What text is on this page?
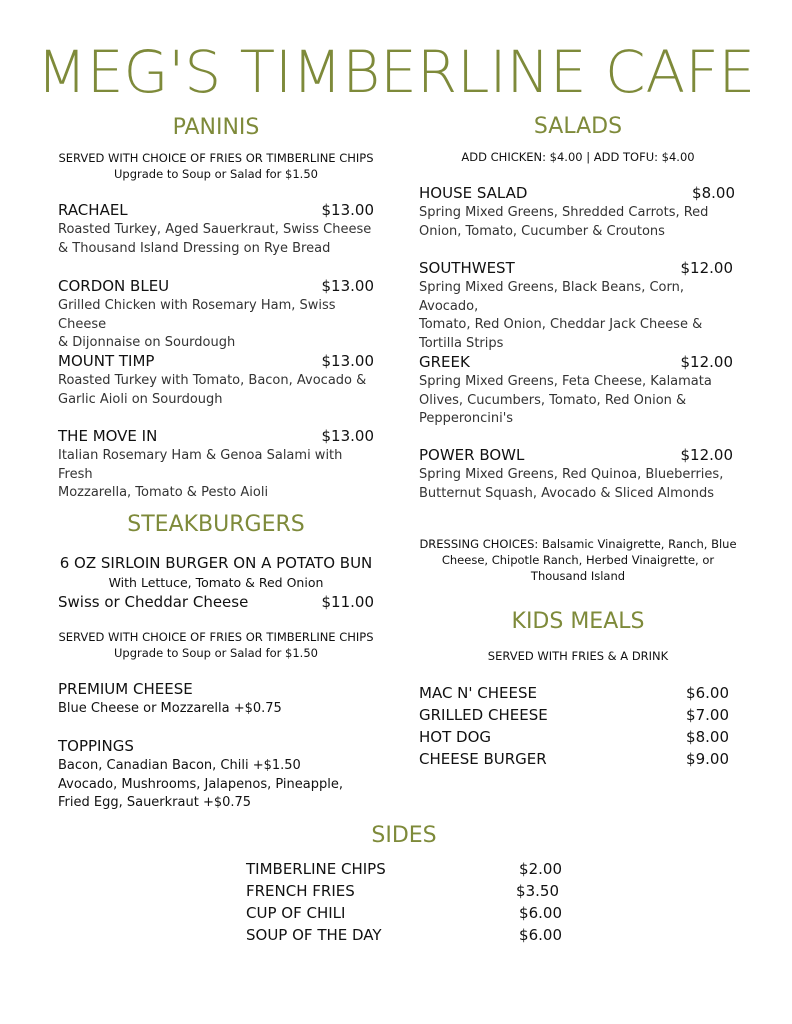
MEG'S TIMBERLINE CAFE
PANINIS
SERVED WITH CHOICE OF FRIES OR TIMBERLINE CHIPS
Upgrade to Soup or Salad for $1.50
RACHAEL	$13.00
Roasted Turkey, Aged Sauerkraut, Swiss Cheese
& Thousand Island Dressing on Rye Bread
CORDON BLEU	$13.00
Grilled Chicken with Rosemary Ham, Swiss Cheese
& Dijonnaise on Sourdough
MOUNT TIMP	$13.00
Roasted Turkey with Tomato, Bacon, Avocado &
Garlic Aioli on Sourdough
THE MOVE IN	$13.00
Italian Rosemary Ham & Genoa Salami with Fresh
Mozzarella, Tomato & Pesto Aioli
STEAKBURGERS
6 OZ SIRLOIN BURGER ON A POTATO BUN
With Lettuce, Tomato & Red Onion
Swiss or Cheddar Cheese	$11.00
SERVED WITH CHOICE OF FRIES OR TIMBERLINE CHIPS
Upgrade to Soup or Salad for $1.50
PREMIUM CHEESE
Blue Cheese or Mozzarella +$0.75
TOPPINGS
Bacon, Canadian Bacon, Chili +$1.50
Avocado, Mushrooms, Jalapenos, Pineapple,
Fried Egg, Sauerkraut +$0.75
SALADS
ADD CHICKEN: $4.00 | ADD TOFU: $4.00
HOUSE SALAD	$8.00
Spring Mixed Greens, Shredded Carrots, Red
Onion, Tomato, Cucumber & Croutons
SOUTHWEST	$12.00
Spring Mixed Greens, Black Beans, Corn, Avocado,
Tomato, Red Onion, Cheddar Jack Cheese &
Tortilla Strips
GREEK	$12.00
Spring Mixed Greens, Feta Cheese, Kalamata
Olives, Cucumbers, Tomato, Red Onion &
Pepperoncini's
POWER BOWL	$12.00
Spring Mixed Greens, Red Quinoa, Blueberries,
Butternut Squash, Avocado & Sliced Almonds
DRESSING CHOICES: Balsamic Vinaigrette, Ranch, Blue
Cheese, Chipotle Ranch, Herbed Vinaigrette, or
Thousand Island
KIDS MEALS
SERVED WITH FRIES & A DRINK
MAC N' CHEESE	$6.00
GRILLED CHEESE	$7.00
HOT DOG	$8.00
CHEESE BURGER	$9.00
SIDES
TIMBERLINE CHIPS	$2.00
FRENCH FRIES	$3.50
CUP OF CHILI	$6.00
SOUP OF THE DAY	$6.00
